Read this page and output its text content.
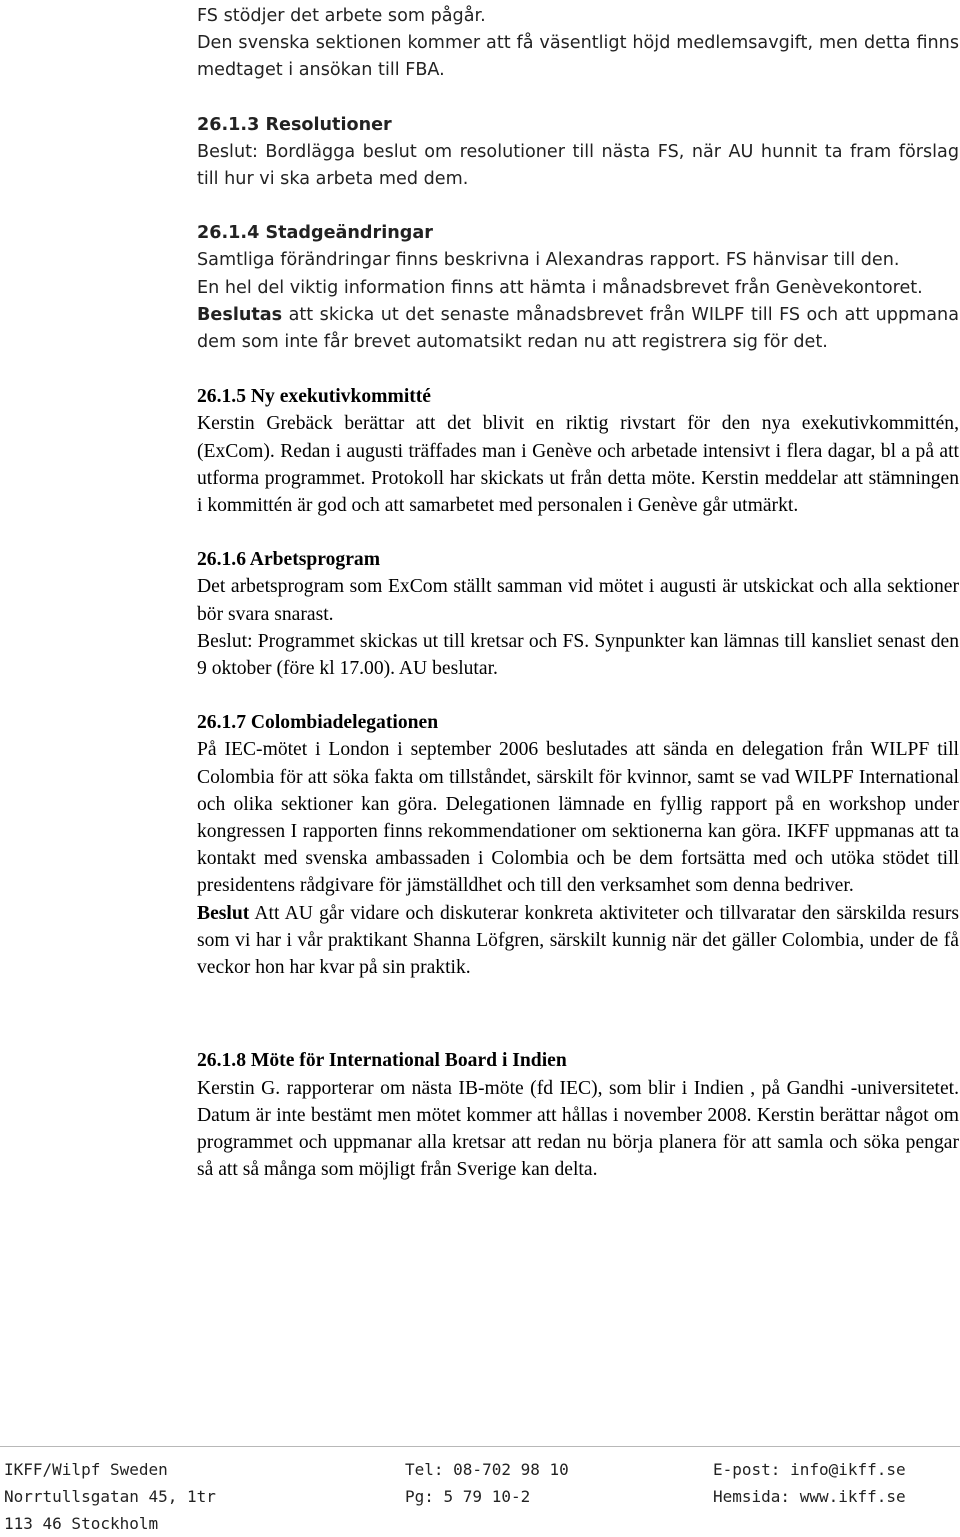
FS stödjer det arbete som pågår.

Den svenska sektionen kommer att få väsentligt höjd medlemsavgift, men detta finns medtaget i ansökan till FBA.

26.1.3 Resolutioner

Beslut: Bordlägga beslut om resolutioner till nästa FS, när AU hunnit ta fram förslag till hur vi ska arbeta med dem.

26.1.4 Stadgeändringar

Samtliga förändringar finns beskrivna i Alexandras rapport. FS hänvisar till den.

En hel del viktig information finns att hämta i månadsbrevet från Genèvekontoret.

Beslutas att skicka ut det senaste månadsbrevet från WILPF till FS och att uppmana dem som inte får brevet automatsikt redan nu att registrera sig för det.

26.1.5 Ny exekutivkommitté

Kerstin Grebäck berättar att det blivit en riktig rivstart för den nya exekutivkommittén, (ExCom). Redan i augusti träffades man i Genève och arbetade intensivt i flera dagar, bl a på att utforma programmet. Protokoll har skickats ut från detta möte. Kerstin meddelar att stämningen i kommittén är god och att samarbetet med personalen i Genève går utmärkt.

26.1.6 Arbetsprogram

Det arbetsprogram som ExCom ställt samman vid mötet i augusti är utskickat och alla sektioner bör svara snarast.

Beslut: Programmet skickas ut till kretsar och FS. Synpunkter kan lämnas till kansliet senast den 9 oktober (före kl 17.00). AU beslutar.

26.1.7 Colombiadelegationen

På IEC-mötet i London i september 2006 beslutades att sända en delegation från WILPF till Colombia för att söka fakta om tillståndet, särskilt för kvinnor, samt se vad WILPF International och olika sektioner kan göra. Delegationen lämnade en fyllig rapport på en workshop under kongressen I rapporten finns rekommendationer om sektionerna kan göra. IKFF uppmanas att ta kontakt med svenska ambassaden i Colombia och be dem fortsätta med och utöka stödet till presidentens rådgivare för jämställdhet och till den verksamhet som denna bedriver.

Beslut Att AU går vidare och diskuterar konkreta aktiviteter och tillvaratar den särskilda resurs som vi har i vår praktikant Shanna Löfgren, särskilt kunnig när det gäller Colombia, under de få veckor hon har kvar på sin praktik.

26.1.8 Möte för International Board i Indien

Kerstin G. rapporterar om nästa IB-möte (fd IEC), som blir i Indien , på Gandhi -universitetet. Datum är inte bestämt men mötet kommer att hållas i november 2008. Kerstin berättar något om programmet och uppmanar alla kretsar att redan nu börja planera för att samla och söka pengar så att så många som möjligt från Sverige kan delta.

IKFF/Wilpf Sweden	Tel: 08-702 98 10	E-post: info@ikff.se
Norrtullsgatan 45, 1tr	Pg: 5 79 10-2	Hemsida: www.ikff.se
113 46 Stockholm
